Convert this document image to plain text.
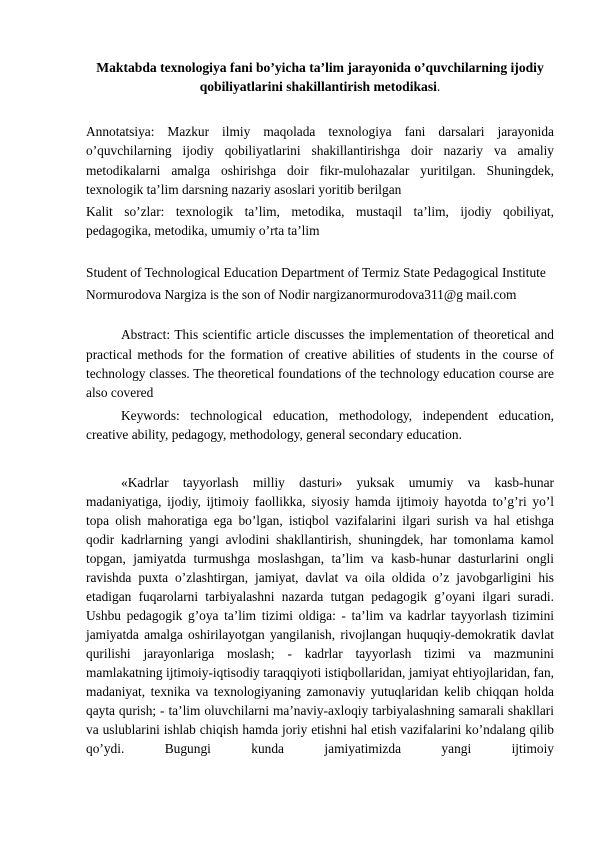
Maktabda texnologiya fani bo’yicha ta’lim jarayonida o’quvchilarning ijodiy qobiliyatlarini shakillantirish metodikasi.

Annotatsiya: Mazkur ilmiy maqolada texnologiya fani darsalari jarayonida o’quvchilarning ijodiy qobiliyatlarini shakillantirishga doir nazariy va amaliy metodikalarni amalga oshirishga doir fikr-mulohazalar yuritilgan. Shuningdek, texnologik ta’lim darsning nazariy asoslari yoritib berilgan

Kalit so’zlar: texnologik ta’lim, metodika, mustaqil ta’lim, ijodiy qobiliyat, pedagogika, metodika, umumiy o’rta ta’lim

Student of Technological Education Department of Termiz State Pedagogical Institute

Normurodova Nargiza is the son of Nodir nargizanormurodova311@g mail.com

Abstract: This scientific article discusses the implementation of theoretical and practical methods for the formation of creative abilities of students in the course of technology classes. The theoretical foundations of the technology education course are also covered

Keywords: technological education, methodology, independent education, creative ability, pedagogy, methodology, general secondary education.

«Kadrlar tayyorlash milliy dasturi» yuksak umumiy va kasb-hunar madaniyatiga, ijodiy, ijtimoiy faollikka, siyosiy hamda ijtimoiy hayotda to’g’ri yo’l topa olish mahoratiga ega bo’lgan, istiqbol vazifalarini ilgari surish va hal etishga qodir kadrlarning yangi avlodini shakllantirish, shuningdek, har tomonlama kamol topgan, jamiyatda turmushga moslashgan, ta’lim va kasb-hunar dasturlarini ongli ravishda puxta o’zlashtirgan, jamiyat, davlat va oila oldida o’z javobgarligini his etadigan fuqarolarni tarbiyalashni nazarda tutgan pedagogik g’oyani ilgari suradi. Ushbu pedagogik g’oya ta’lim tizimi oldiga: - ta’lim va kadrlar tayyorlash tizimini jamiyatda amalga oshirilayotgan yangilanish, rivojlangan huquqiy-demokratik davlat qurilishi jarayonlariga moslash; - kadrlar tayyorlash tizimi va mazmunini mamlakatning ijtimoiy-iqtisodiy taraqqiyoti istiqbollaridan, jamiyat ehtiyojlaridan, fan, madaniyat, texnika va texnologiyaning zamonaviy yutuqlaridan kelib chiqqan holda qayta qurish; - ta’lim oluvchilarni ma’naviy-axloqiy tarbiyalashning samarali shakllari va uslublarini ishlab chiqish hamda joriy etishni hal etish vazifalarini ko’ndalang qilib qo’ydi. Bugungi kunda jamiyatimizda yangi ijtimoiy
